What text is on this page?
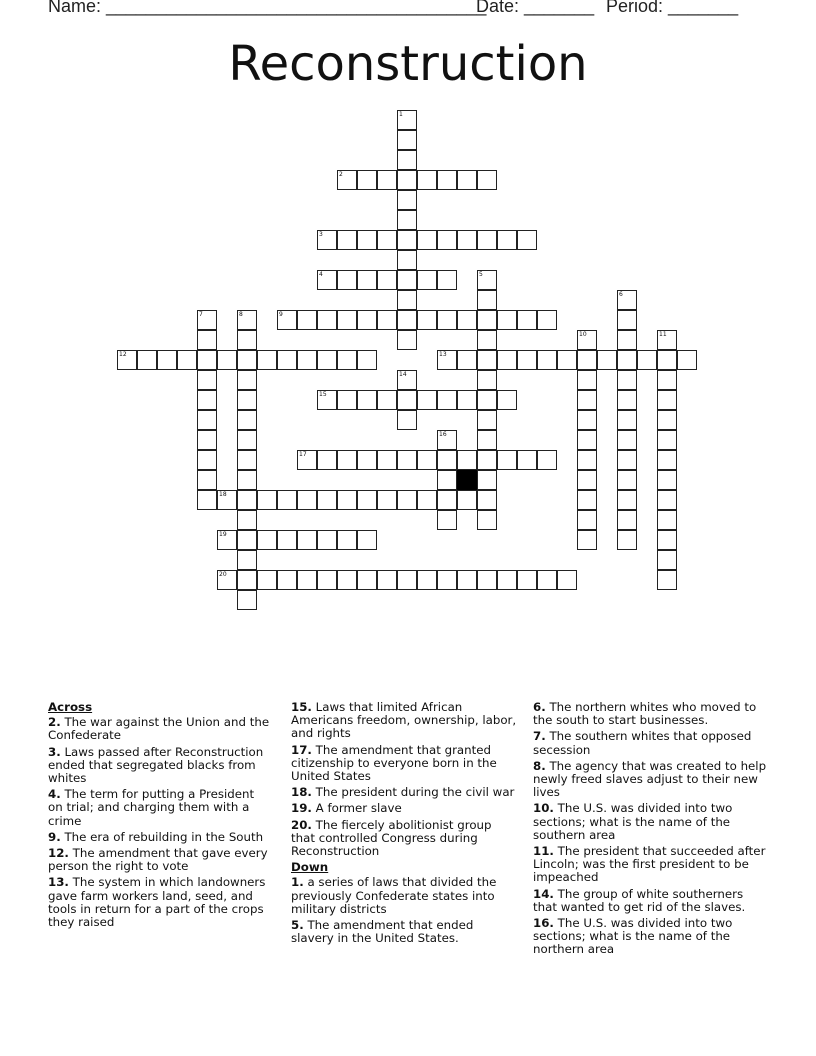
Name: ______________________________________
Date: _______ Period: _______
Reconstruction
2
3
4
9
12	13
15
17
18
19
20
1
5
6
7	8
10	11
14
16
Across
2. The war against the Union and the Confederate
3. Laws passed after Reconstruction ended that segregated blacks from whites
4. The term for putting a President on trial; and charging them with a crime
9. The era of rebuilding in the South
12. The amendment that gave every person the right to vote
13. The system in which landowners gave farm workers land, seed, and tools in return for a part of the crops they raised
15. Laws that limited African Americans freedom, ownership, labor, and rights
17. The amendment that granted citizenship to everyone born in the United States
18. The president during the civil war
19. A former slave
20. The fiercely abolitionist group that controlled Congress during Reconstruction
Down
1. a series of laws that divided the previously Confederate states into military districts
5. The amendment that ended slavery in the United States.
6. The northern whites who moved to the south to start businesses.
7. The southern whites that opposed secession
8. The agency that was created to help newly freed slaves adjust to their new lives
10. The U.S. was divided into two sections; what is the name of the southern area
11. The president that succeeded after Lincoln; was the first president to be impeached
14. The group of white southerners that wanted to get rid of the slaves.
16. The U.S. was divided into two sections; what is the name of the northern area
